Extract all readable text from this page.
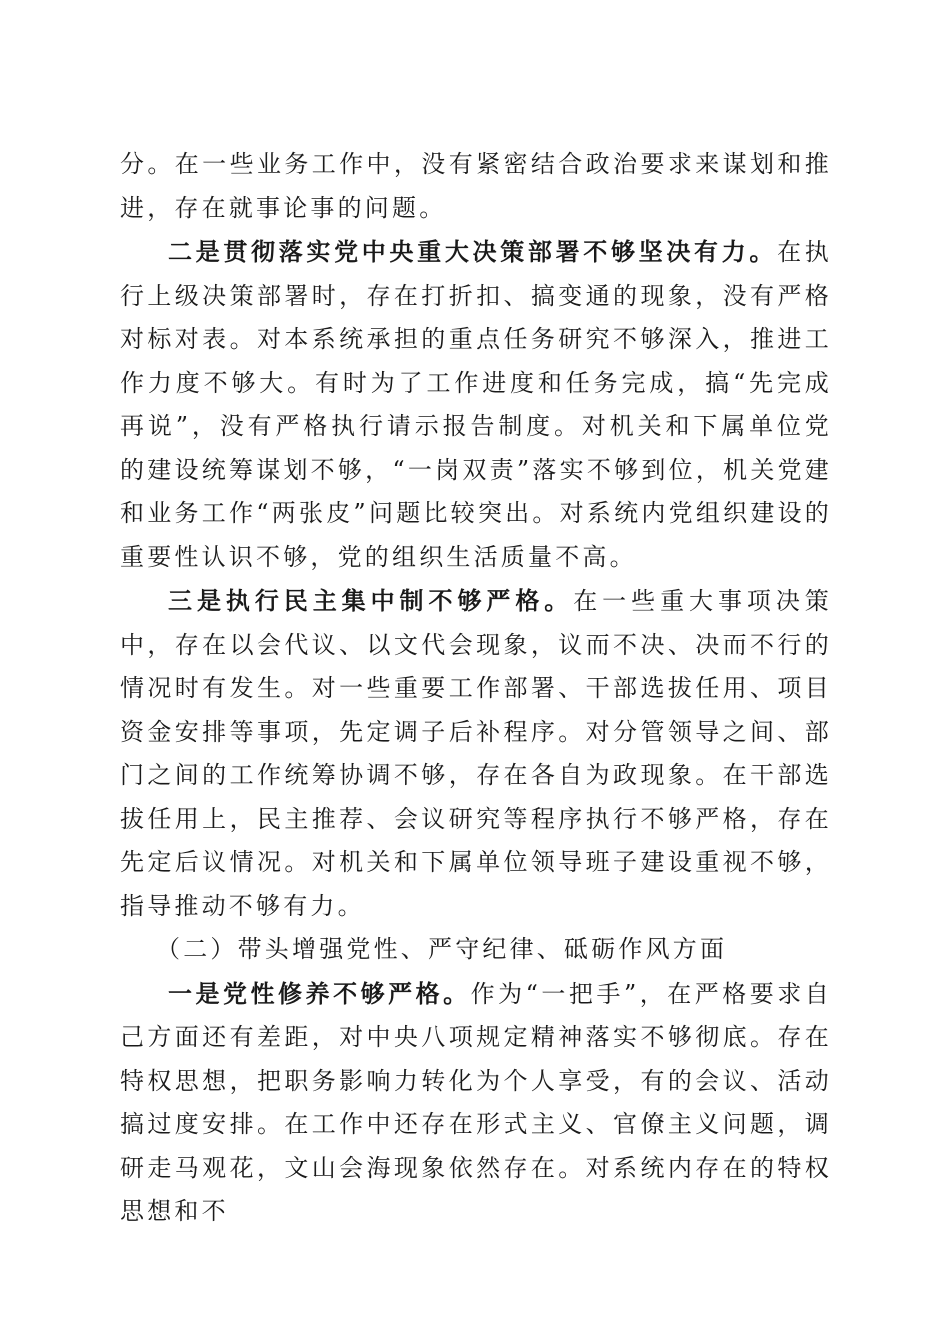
分。在一些业务工作中，没有紧密结合政治要求来谋划和推进，存在就事论事的问题。

二是贯彻落实党中央重大决策部署不够坚决有力。在执行上级决策部署时，存在打折扣、搞变通的现象，没有严格对标对表。对本系统承担的重点任务研究不够深入，推进工作力度不够大。有时为了工作进度和任务完成，搞“先完成再说”，没有严格执行请示报告制度。对机关和下属单位党的建设统筹谋划不够，“一岗双责”落实不够到位，机关党建和业务工作“两张皮”问题比较突出。对系统内党组织建设的重要性认识不够，党的组织生活质量不高。

三是执行民主集中制不够严格。在一些重大事项决策中，存在以会代议、以文代会现象，议而不决、决而不行的情况时有发生。对一些重要工作部署、干部选拔任用、项目资金安排等事项，先定调子后补程序。对分管领导之间、部门之间的工作统筹协调不够，存在各自为政现象。在干部选拔任用上，民主推荐、会议研究等程序执行不够严格，存在先定后议情况。对机关和下属单位领导班子建设重视不够，指导推动不够有力。

（二）带头增强党性、严守纪律、砥砺作风方面

一是党性修养不够严格。作为“一把手”，在严格要求自己方面还有差距，对中央八项规定精神落实不够彻底。存在特权思想，把职务影响力转化为个人享受，有的会议、活动搞过度安排。在工作中还存在形式主义、官僚主义问题，调研走马观花，文山会海现象依然存在。对系统内存在的特权思想和不
